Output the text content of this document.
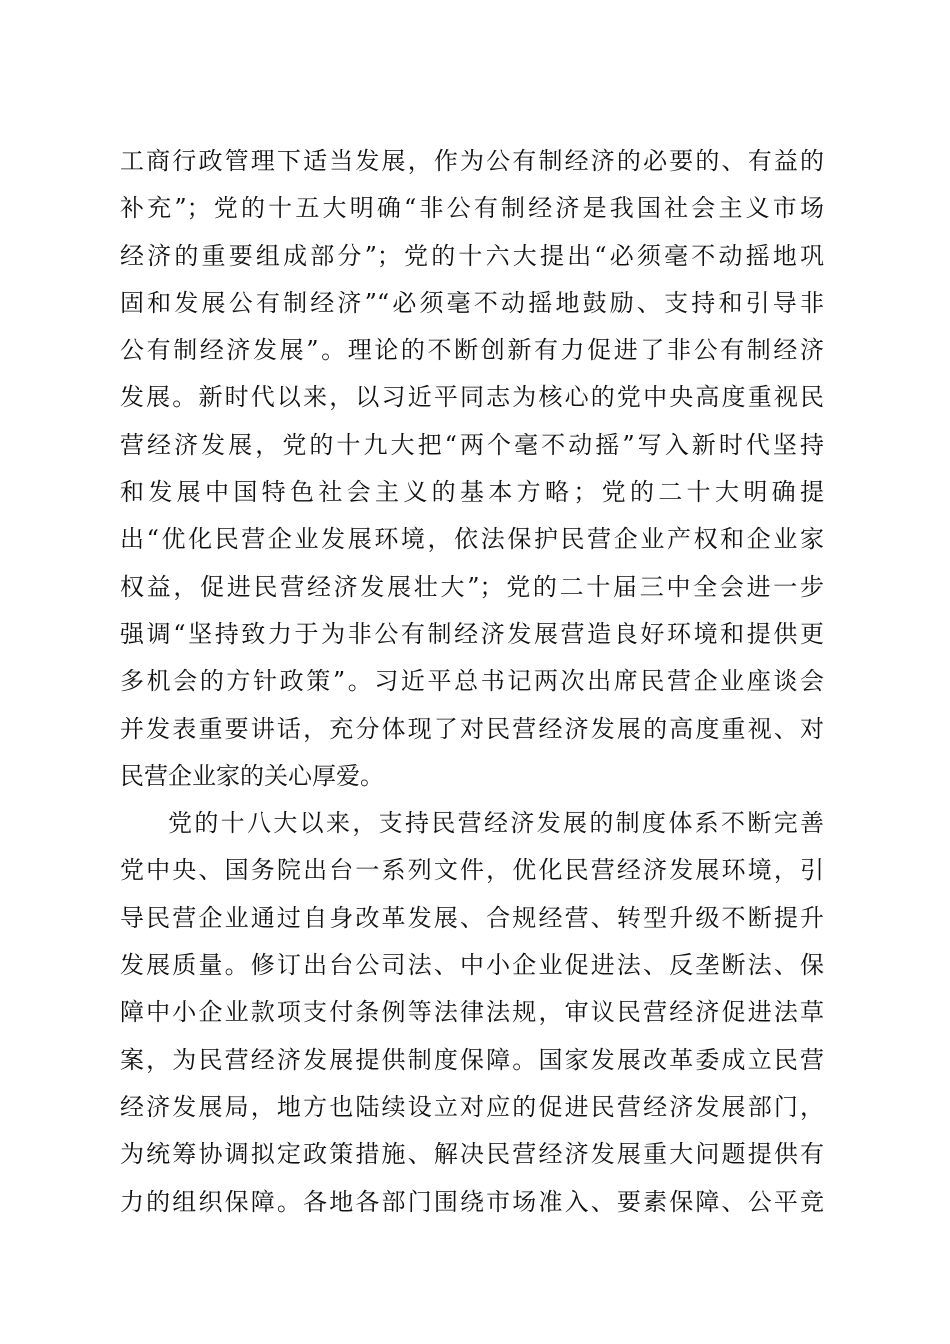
工商行政管理下适当发展，作为公有制经济的必要的、有益的
补充”；党的十五大明确“非公有制经济是我国社会主义市场
经济的重要组成部分”；党的十六大提出“必须毫不动摇地巩
固和发展公有制经济”“必须毫不动摇地鼓励、支持和引导非
公有制经济发展”。理论的不断创新有力促进了非公有制经济
发展。新时代以来，以习近平同志为核心的党中央高度重视民
营经济发展，党的十九大把“两个毫不动摇”写入新时代坚持
和发展中国特色社会主义的基本方略；党的二十大明确提
出“优化民营企业发展环境，依法保护民营企业产权和企业家
权益，促进民营经济发展壮大”；党的二十届三中全会进一步
强调“坚持致力于为非公有制经济发展营造良好环境和提供更
多机会的方针政策”。习近平总书记两次出席民营企业座谈会
并发表重要讲话，充分体现了对民营经济发展的高度重视、对
民营企业家的关心厚爱。
党的十八大以来，支持民营经济发展的制度体系不断完善
党中央、国务院出台一系列文件，优化民营经济发展环境，引
导民营企业通过自身改革发展、合规经营、转型升级不断提升
发展质量。修订出台公司法、中小企业促进法、反垄断法、保
障中小企业款项支付条例等法律法规，审议民营经济促进法草
案，为民营经济发展提供制度保障。国家发展改革委成立民营
经济发展局，地方也陆续设立对应的促进民营经济发展部门，
为统筹协调拟定政策措施、解决民营经济发展重大问题提供有
力的组织保障。各地各部门围绕市场准入、要素保障、公平竞
